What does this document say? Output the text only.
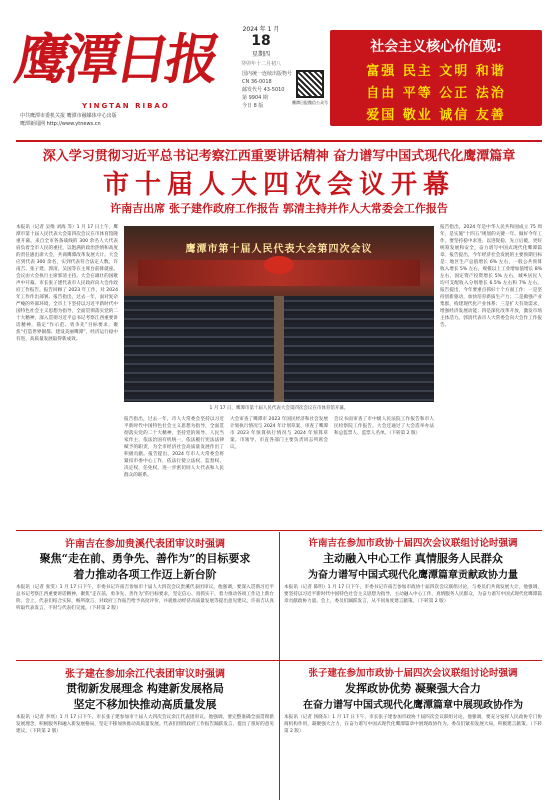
鹰潭日报
YINGTAN RIBAO
中共鹰潭市委机关报 鹰潭市融媒体中心出版
鹰潭新闻网 http://www.ytnews.cn
2024 年 1 月
18
星期四
癸卯年十二月初八
国内统一连续出版物号
CN 36-0018
邮发代号 43-5010
第 9904 期
今日 8 版
鹰潭日报微信公众号
社会主义核心价值观:
富强 民主 文明 和谐
自由 平等 公正 法治
爱国 敬业 诚信 友善
深入学习贯彻习近平总书记考察江西重要讲话精神 奋力谱写中国式现代化鹰潭篇章
市十届人大四次会议开幕
许南吉出席 张子建作政府工作报告 郭清主持并作人大常委会工作报告
本报讯（记者 吴维 刘海 等）1 月 17 日上午，鹰潭市第十届人民代表大会第四次会议在市体育馆隆重开幕。来自全市各条战线的 300 余名人大代表肩负着全市人民的重托，以饱满的政治热情和高度的责任感出席大会，共商鹰潭改革发展大计。大会应到代表 300 余名，实到代表符合法定人数。许南吉、张子建、郭清、吴国等在主席台前排就座。会议由大会执行主席郭清主持。大会在雄壮的国歌声中开幕。市长张子建代表市人民政府向大会作政府工作报告。报告回顾了 2023 年工作，对 2024 年工作作出部署。报告指出，过去一年，面对复杂严峻的外部环境，全市上下坚持以习近平新时代中国特色社会主义思想为指导，全面贯彻落实党的二十大精神，深入贯彻习近平总书记考察江西重要讲话精神，锚定“作示范、勇争先”目标要求，聚焦“打造世界铜都、建设美丽鹰潭”，经济运行稳中有进，高质量发展取得新成效。
鹰潭市第十届人民代表大会第四次会议
1 月 17 日，鹰潭市第十届人民代表大会第四次会议在市体育馆开幕。
报告指出，2024 年是中华人民共和国成立 75 周年，是实施“十四五”规划的关键一年。做好今年工作，要坚持稳中求进、以进促稳、先立后破，更好统筹发展和安全，奋力谱写中国式现代化鹰潭篇章。报告提出，今年经济社会发展的主要预期目标是：地区生产总值增长 6% 左右，一般公共预算收入增长 5% 左右，规模以上工业增加值增长 8% 左右，固定资产投资增长 5% 左右，城乡居民人均可支配收入分别增长 6.5% 左右和 7% 左右。报告提出，今年要重点抓好十个方面工作：一是坚持创新驱动，加快培育新质生产力；二是做强产业集群，构建现代化产业体系；三是扩大有效需求，增强经济发展动能；四是深化改革开放，激发市场主体活力。郭清代表市人大常委会向大会作工作报告。
报告指出，过去一年，市人大常委会坚持以习近平新时代中国特色社会主义思想为指导，全面贯彻落实党的二十大精神，坚持党的领导、人民当家作主、依法治国有机统一，依法履行宪法法律赋予的职责，为全市经济社会高质量发展作出了积极贡献。报告提出，2024 年市人大常委会将紧扣市委中心工作，依法行使立法权、监督权、决定权、任免权，进一步密切同人大代表和人民群众的联系。
大会审查了鹰潭市 2023 年国民经济和社会发展计划执行情况与 2024 年计划草案，审查了鹰潭市 2023 年预算执行情况与 2024 年预算草案。市领导、市直各部门主要负责同志列席会议。
会议书面审查了市中级人民法院工作报告和市人民检察院工作报告。大会还通过了大会选举办法和总监票人、监票人名单。（下转第 2 版）
许南吉在参加贵溪代表团审议时强调
聚焦“走在前、勇争先、善作为”的目标要求
着力推动各项工作迈上新台阶
本报讯（记者 张雯）1 月 17 日下午，市委书记许南吉参加市十届人大四次会议贵溪代表团审议。他强调，要深入贯彻习近平总书记考察江西重要讲话精神，聚焦“走在前、勇争先、善作为”的目标要求，坚定信心、真抓实干，着力推动各项工作迈上新台阶。会上，代表们结合实际，畅所欲言，对政府工作报告给予高度评价，并就推动经济高质量发展等提出意见建议。许南吉认真听取代表发言，不时与代表们交流。（下转第 2 版）
许南吉在参加市政协十届四次会议联组讨论时强调
主动融入中心工作 真情服务人民群众
为奋力谱写中国式现代化鹰潭篇章贡献政协力量
本报讯（记者 陈明）1 月 17 日下午，市委书记许南吉参加市政协十届四次会议联组讨论，与委员们共商发展大计。他强调，要坚持以习近平新时代中国特色社会主义思想为指导，主动融入中心工作，真情服务人民群众，为奋力谱写中国式现代化鹰潭篇章贡献政协力量。会上，委员们踊跃发言，从不同角度建言献策。（下转第 2 版）
张子建在参加余江代表团审议时强调
贯彻新发展理念 构建新发展格局
坚定不移加快推动高质量发展
本报讯（记者 李瑶）1 月 17 日下午，市长张子建参加市十届人大四次会议余江代表团审议。他强调，要完整准确全面贯彻新发展理念，积极服务和融入新发展格局，坚定不移加快推动高质量发展。代表们围绕政府工作报告踊跃发言，提出了很好的意见建议。（下转第 2 版）
张子建在参加市政协十届四次会议联组讨论时强调
发挥政协优势 凝聚强大合力
在奋力谱写中国式现代化鹰潭篇章中展现政协作为
本报讯（记者 汤晓东）1 月 17 日下午，市长张子建参加市政协十届四次会议联组讨论。他强调，要充分发挥人民政协专门协商机构作用，凝聚强大合力，在奋力谱写中国式现代化鹰潭篇章中展现政协作为。委员们紧扣发展大局，积极建言献策。（下转第 2 版）
